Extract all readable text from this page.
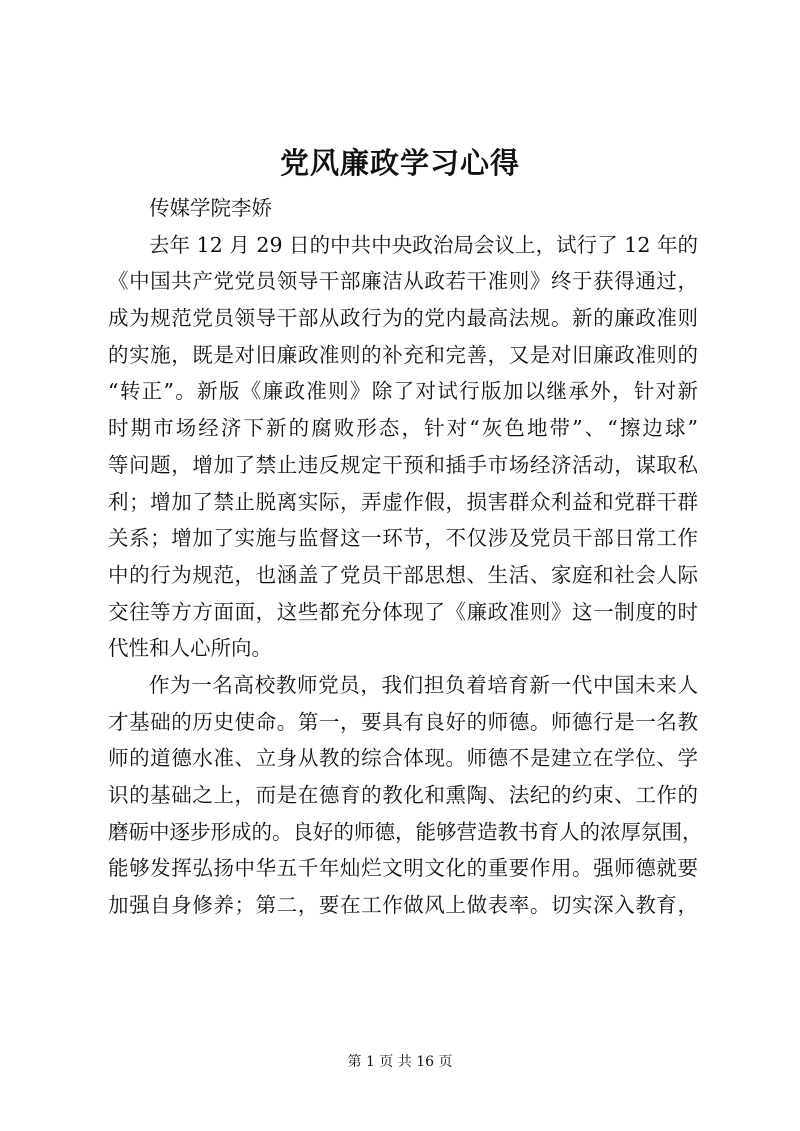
党风廉政学习心得

传媒学院李娇

去年 12 月 29 日的中共中央政治局会议上，试行了 12 年的
《中国共产党党员领导干部廉洁从政若干准则》终于获得通过，
成为规范党员领导干部从政行为的党内最高法规。新的廉政准则
的实施，既是对旧廉政准则的补充和完善，又是对旧廉政准则的
“转正”。新版《廉政准则》除了对试行版加以继承外，针对新
时期市场经济下新的腐败形态，针对“灰色地带”、“擦边球”
等问题，增加了禁止违反规定干预和插手市场经济活动，谋取私
利；增加了禁止脱离实际，弄虚作假，损害群众利益和党群干群
关系；增加了实施与监督这一环节，不仅涉及党员干部日常工作
中的行为规范，也涵盖了党员干部思想、生活、家庭和社会人际
交往等方方面面，这些都充分体现了《廉政准则》这一制度的时
代性和人心所向。
作为一名高校教师党员，我们担负着培育新一代中国未来人
才基础的历史使命。第一，要具有良好的师德。师德行是一名教
师的道德水准、立身从教的综合体现。师德不是建立在学位、学
识的基础之上，而是在德育的教化和熏陶、法纪的约束、工作的
磨砺中逐步形成的。良好的师德，能够营造教书育人的浓厚氛围，
能够发挥弘扬中华五千年灿烂文明文化的重要作用。强师德就要
加强自身修养；第二，要在工作做风上做表率。切实深入教育，
第 1 页 共 16 页
